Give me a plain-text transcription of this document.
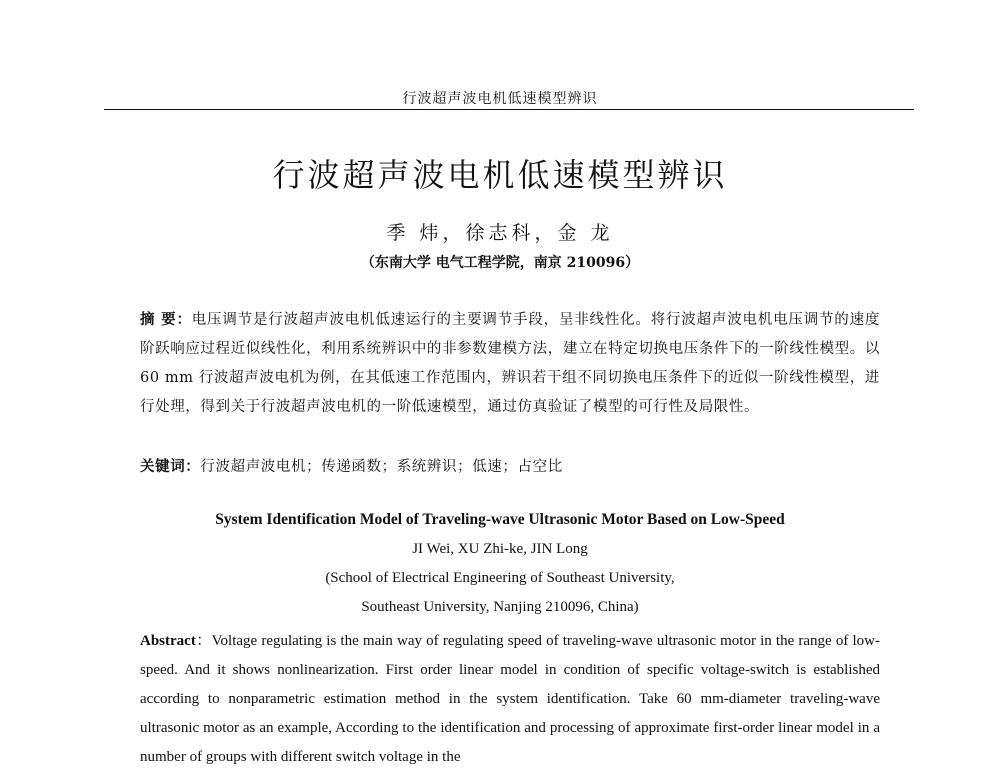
行波超声波电机低速模型辨识
行波超声波电机低速模型辨识
季 炜，徐志科，金 龙
（东南大学 电气工程学院，南京 210096）
摘 要：电压调节是行波超声波电机低速运行的主要调节手段，呈非线性化。将行波超声波电机电压调节的速度阶跃响应过程近似线性化，利用系统辨识中的非参数建模方法，建立在特定切换电压条件下的一阶线性模型。以 60 mm 行波超声波电机为例，在其低速工作范围内，辨识若干组不同切换电压条件下的近似一阶线性模型，进行处理，得到关于行波超声波电机的一阶低速模型，通过仿真验证了模型的可行性及局限性。
关键词：行波超声波电机；传递函数；系统辨识；低速；占空比
System Identification Model of Traveling-wave Ultrasonic Motor Based on Low-Speed
JI Wei, XU Zhi-ke, JIN Long
(School of Electrical Engineering of Southeast University,
Southeast University, Nanjing 210096, China)
Abstract：Voltage regulating is the main way of regulating speed of traveling-wave ultrasonic motor in the range of low-speed. And it shows nonlinearization. First order linear model in condition of specific voltage-switch is established according to nonparametric estimation method in the system identification. Take 60 mm-diameter traveling-wave ultrasonic motor as an example, According to the identification and processing of approximate first-order linear model in a number of groups with different switch voltage in the
